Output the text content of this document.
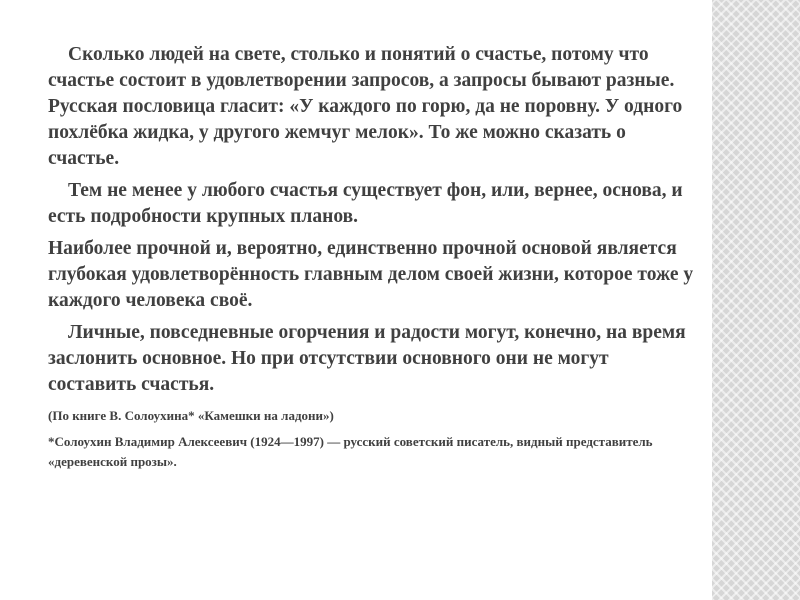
Сколько людей на свете, столько и понятий о счастье, потому что счастье состоит в удовлетворении запросов, а запросы бывают разные. Русская пословица гласит: «У каждого по горю, да не поровну. У одного похлёбка жидка, у другого жемчуг мелок». То же можно сказать о счастье.

Тем не менее у любого счастья существует фон, или, вернее, основа, и есть подробности крупных планов.

Наиболее прочной и, вероятно, единственно прочной основой является глубокая удовлетворённость главным делом своей жизни, которое тоже у каждого человека своё.

Личные, повседневные огорчения и радости могут, конечно, на время заслонить основное. Но при отсутствии основного они не могут составить счастья.

(По книге В. Солоухина* «Камешки на ладони»)

*Солоухин Владимир Алексеевич (1924—1997) — русский советский писатель, видный представитель «деревенской прозы».
